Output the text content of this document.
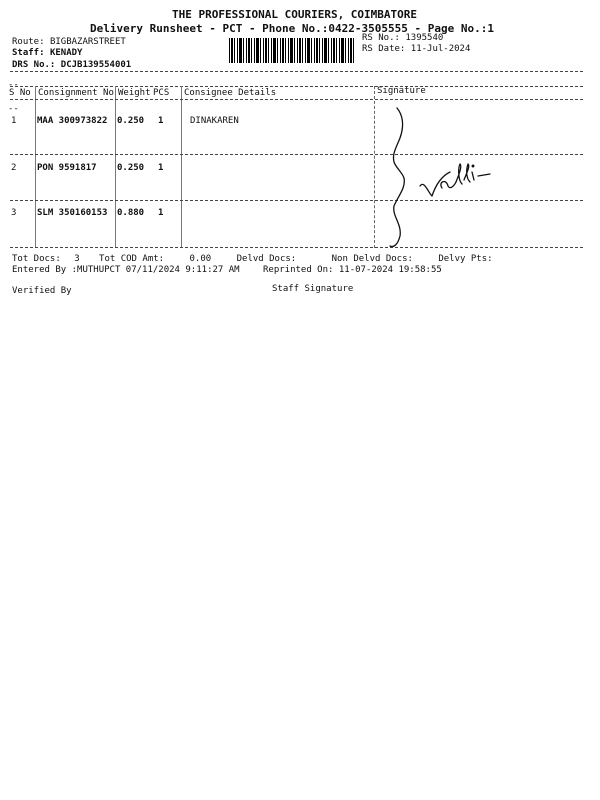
THE PROFESSIONAL COURIERS, COIMBATORE
Delivery Runsheet - PCT - Phone No.:0422-3505555 - Page No.:1
Route: BIGBAZARSTREET
Staff: KENADY
DRS No.: DCJB139554001
RS No.: 1395540
RS Date: 11-Jul-2024
--
S No Consignment No Weight PCS Consignee Details	Signature
--
1 MAA 300973822 0.250 1	DINAKAREN
2 PON 9591817 0.250 1
3 SLM 350160153 0.880 1
Tot Docs: 3 Tot COD Amt:	0.00	Delvd Docs:	Non Delvd Docs:	Delvy Pts:
Entered By :MUTHUPCT 07/11/2024 9:11:27 AM	Reprinted On: 11-07-2024 19:58:55
Verified By	Staff Signature
